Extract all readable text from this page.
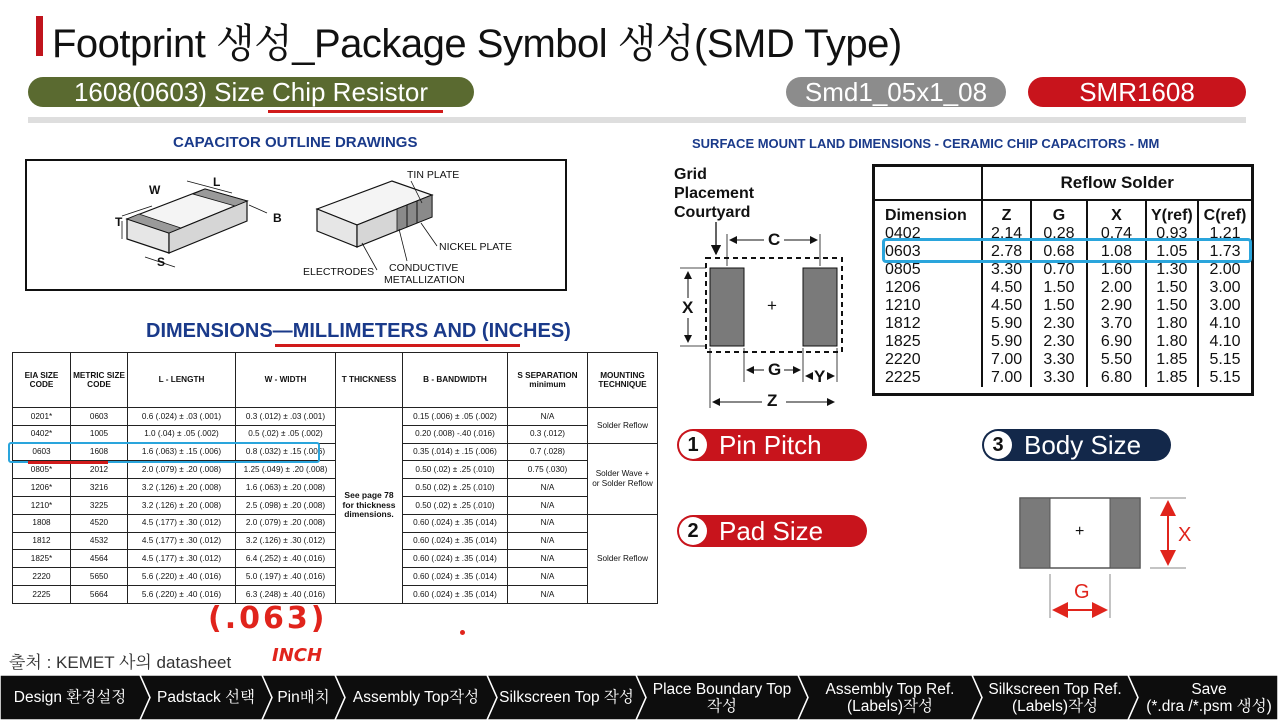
Footprint 생성_Package Symbol 생성(SMD Type)
1608(0603) Size Chip Resistor	Smd1_05x1_08	SMR1608
CAPACITOR OUTLINE DRAWINGS
W
L
T	B
S
TIN PLATE
NICKEL PLATE
ELECTRODES CONDUCTIVE
METALLIZATION
DIMENSIONS—MILLIMETERS AND (INCHES)
EIA SIZE CODE	METRIC SIZE CODE	L - LENGTH	W - WIDTH	T THICKNESS	B - BANDWIDTH	S SEPARATION minimum	MOUNTING TECHNIQUE
0201*	0603	0.6 (.024) ± .03 (.001)	0.3 (.012) ± .03 (.001)	See page 78 for thickness dimensions.	0.15 (.006) ± .05 (.002)	N/A	Solder Reflow
0402*	1005	1.0 (.04) ± .05 (.002)	0.5 (.02) ± .05 (.002)		0.20 (.008) -.40 (.016)	0.3 (.012)	
0603	1608	1.6 (.063) ± .15 (.006)	0.8 (.032) ± .15 (.006)		0.35 (.014) ± .15 (.006)	0.7 (.028)	Solder Wave + or Solder Reflow
0805*	2012	2.0 (.079) ± .20 (.008)	1.25 (.049) ± .20 (.008)		0.50 (.02) ± .25 (.010)	0.75 (.030)	
1206*	3216	3.2 (.126) ± .20 (.008)	1.6 (.063) ± .20 (.008)		0.50 (.02) ± .25 (.010)	N/A	
1210*	3225	3.2 (.126) ± .20 (.008)	2.5 (.098) ± .20 (.008)		0.50 (.02) ± .25 (.010)	N/A	
1808	4520	4.5 (.177) ± .30 (.012)	2.0 (.079) ± .20 (.008)		0.60 (.024) ± .35 (.014)	N/A	Solder Reflow
1812	4532	4.5 (.177) ± .30 (.012)	3.2 (.126) ± .30 (.012)		0.60 (.024) ± .35 (.014)	N/A	
1825*	4564	4.5 (.177) ± .30 (.012)	6.4 (.252) ± .40 (.016)		0.60 (.024) ± .35 (.014)	N/A	
2220	5650	5.6 (.220) ± .40 (.016)	5.0 (.197) ± .40 (.016)		0.60 (.024) ± .35 (.014)	N/A	
2225	5664	5.6 (.220) ± .40 (.016)	6.3 (.248) ± .40 (.016)		0.60 (.024) ± .35 (.014)	N/A	
(.063)
INCH
출처 : KEMET 사의 datasheet
SURFACE MOUNT LAND DIMENSIONS - CERAMIC CHIP CAPACITORS - MM
Grid
Placement
Courtyard
C
X	+
G Y
Z
	Reflow Solder				
Dimension	Z	G	X	Y(ref)	C(ref)
0402	2.14	0.28	0.74	0.93	1.21
0603	2.78	0.68	1.08	1.05	1.73
0805	3.30	0.70	1.60	1.30	2.00
1206	4.50	1.50	2.00	1.50	3.00
1210	4.50	1.50	2.90	1.50	3.00
1812	5.90	2.30	3.70	1.80	4.10
1825	5.90	2.30	6.90	1.80	4.10
2220	7.00	3.30	5.50	1.85	5.15
2225	7.00	3.30	6.80	1.85	5.15

1 Pin Pitch
2 Pad Size
3 Body Size
+	X
G
Design 환경설정	Padstack 선택	Pin배치	Assembly Top작성	Silkscreen Top 작성	Place Boundary Top
작성
Assembly Top Ref.
(Labels)작성
Silkscreen Top Ref.
(Labels)작성
Save
(*.dra /*.psm 생성)
